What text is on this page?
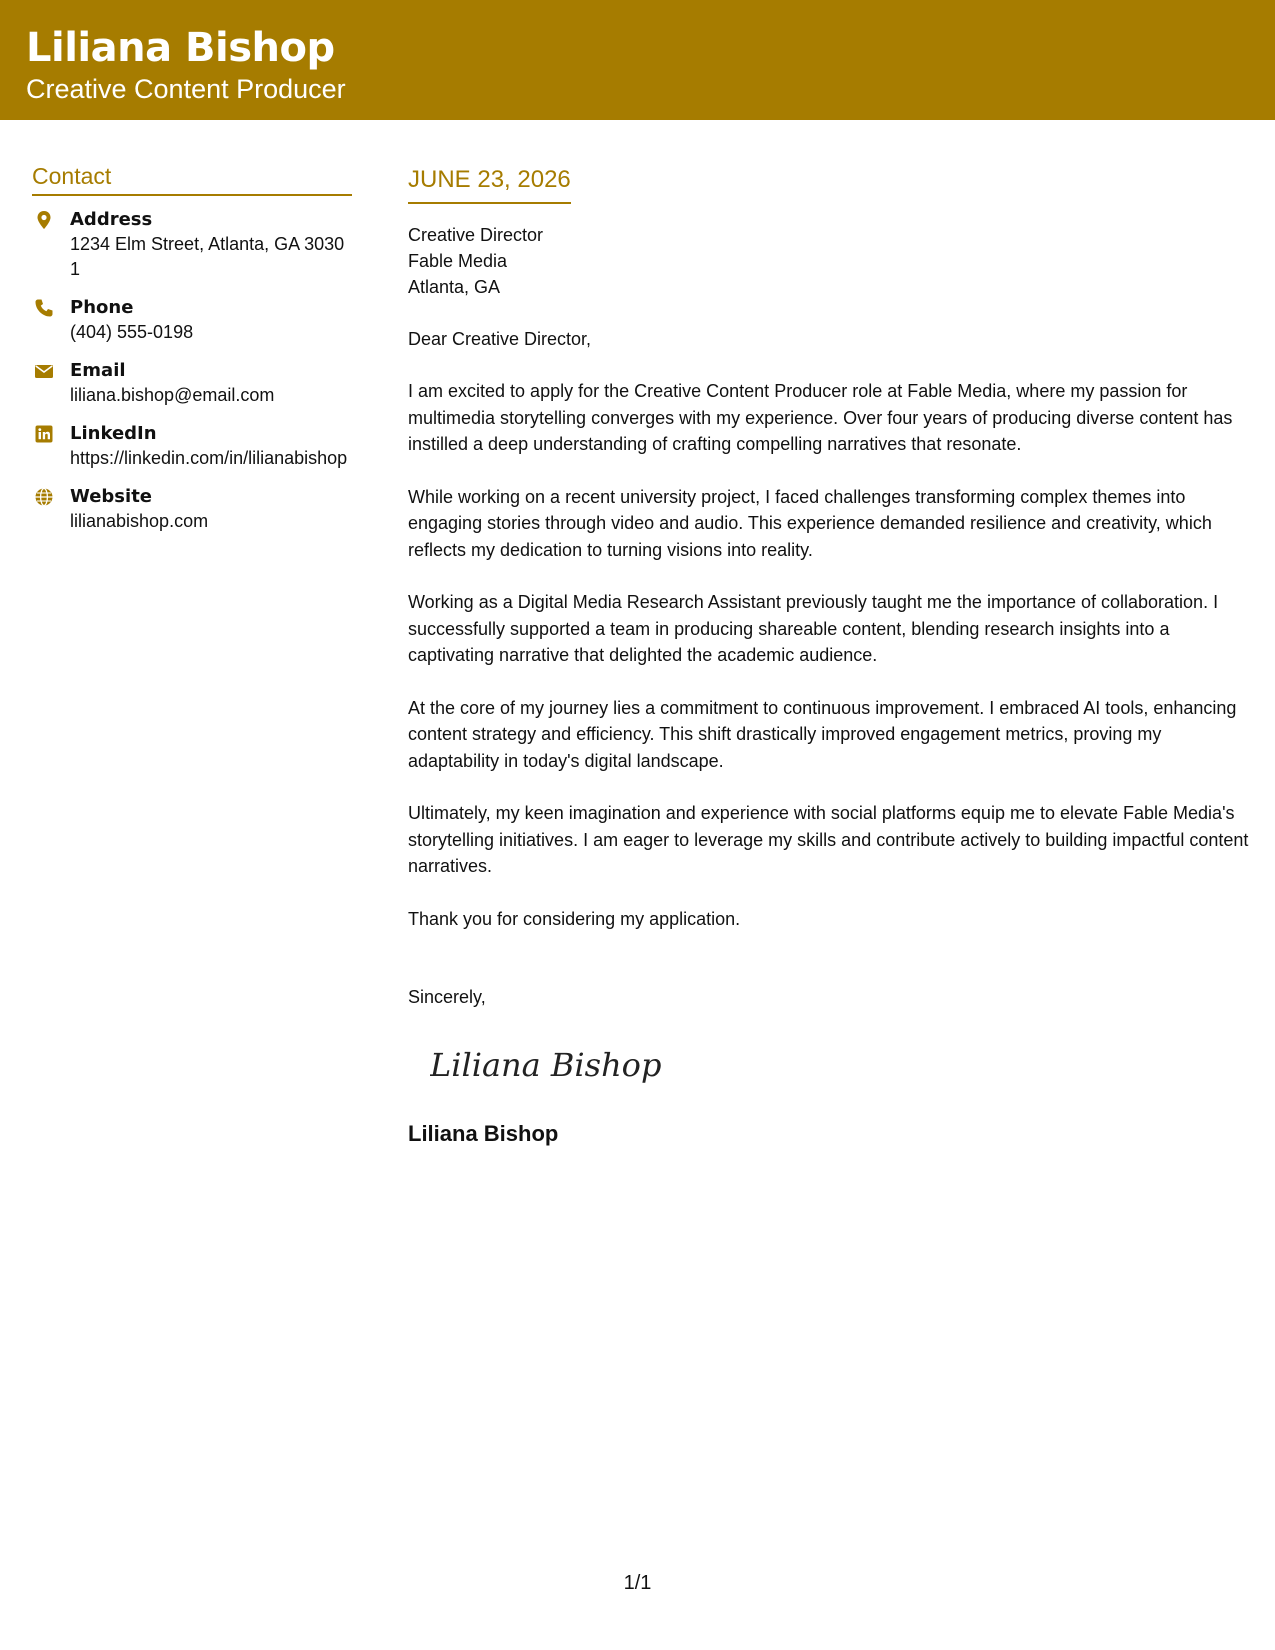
Liliana Bishop
Creative Content Producer
Contact
Address
1234 Elm Street, Atlanta, GA 30301
Phone
(404) 555-0198
Email
liliana.bishop@email.com
LinkedIn
https://linkedin.com/in/lilianabishop
Website
lilianabishop.com
JUNE 23, 2026
Creative Director
Fable Media
Atlanta, GA
Dear Creative Director,
I am excited to apply for the Creative Content Producer role at Fable Media, where my passion for multimedia storytelling converges with my experience. Over four years of producing diverse content has instilled a deep understanding of crafting compelling narratives that resonate.
While working on a recent university project, I faced challenges transforming complex themes into engaging stories through video and audio. This experience demanded resilience and creativity, which reflects my dedication to turning visions into reality.
Working as a Digital Media Research Assistant previously taught me the importance of collaboration. I successfully supported a team in producing shareable content, blending research insights into a captivating narrative that delighted the academic audience.
At the core of my journey lies a commitment to continuous improvement. I embraced AI tools, enhancing content strategy and efficiency. This shift drastically improved engagement metrics, proving my adaptability in today's digital landscape.
Ultimately, my keen imagination and experience with social platforms equip me to elevate Fable Media's storytelling initiatives. I am eager to leverage my skills and contribute actively to building impactful content narratives.
Thank you for considering my application.
Sincerely,
Liliana Bishop
Liliana Bishop
1/1
